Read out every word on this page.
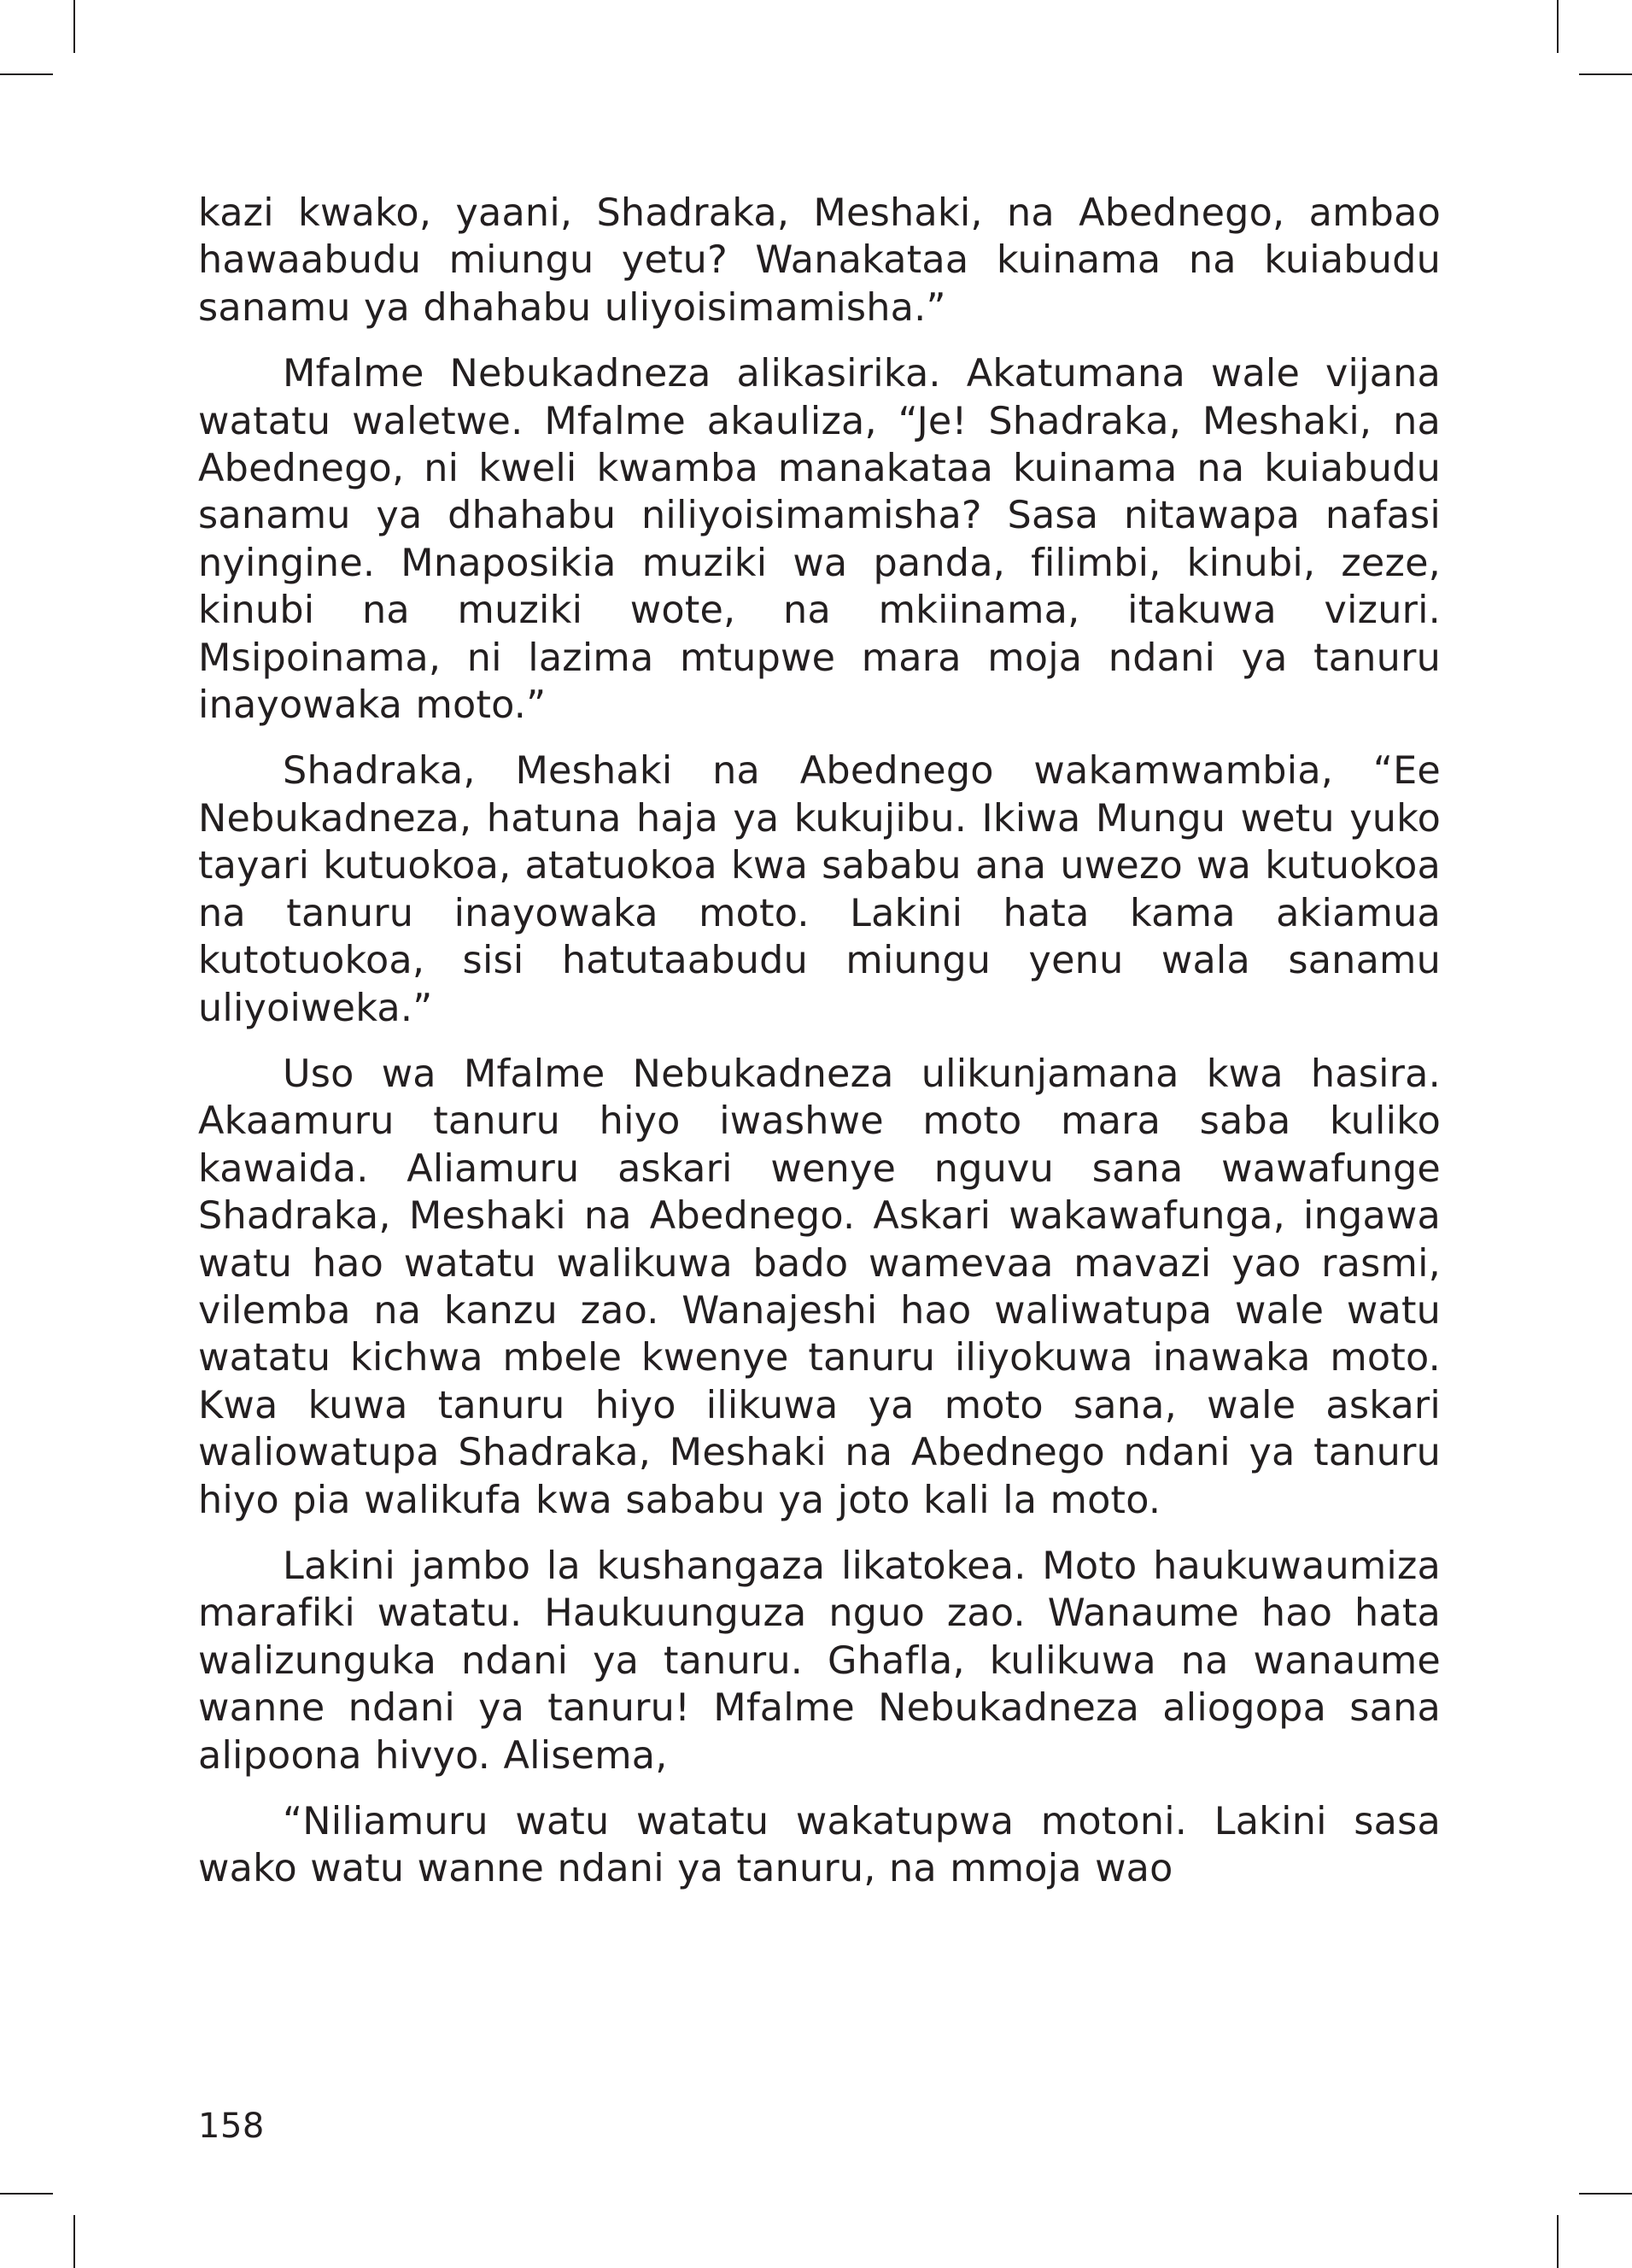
kazi kwako, yaani, Shadraka, Meshaki, na Abednego, ambao hawaabudu miungu yetu? Wanakataa kuinama na kuiabudu sanamu ya dhahabu uliyoisimamisha.”

Mfalme Nebukadneza alikasirika. Akatumana wale vijana watatu waletwe. Mfalme akauliza, “Je! Shadraka, Meshaki, na Abednego, ni kweli kwamba manakataa kuinama na kuiabudu sanamu ya dhahabu niliyoisimamisha? Sasa nitawapa nafasi nyingine. Mnaposikia muziki wa panda, filimbi, kinubi, zeze, kinubi na muziki wote, na mkiinama, itakuwa vizuri. Msipoinama, ni lazima mtupwe mara moja ndani ya tanuru inayowaka moto.”

Shadraka, Meshaki na Abednego wakamwambia, “Ee Nebukadneza, hatuna haja ya kukujibu. Ikiwa Mungu wetu yuko tayari kutuokoa, atatuokoa kwa sababu ana uwezo wa kutuokoa na tanuru inayowaka moto. Lakini hata kama akiamua kutotuokoa, sisi hatutaabudu miungu yenu wala sanamu uliyoiweka.”

Uso wa Mfalme Nebukadneza ulikunjamana kwa hasira. Akaamuru tanuru hiyo iwashwe moto mara saba kuliko kawaida. Aliamuru askari wenye nguvu sana wawafunge Shadraka, Meshaki na Abednego. Askari wakawafunga, ingawa watu hao watatu walikuwa bado wamevaa mavazi yao rasmi, vilemba na kanzu zao. Wanajeshi hao waliwatupa wale watu watatu kichwa mbele kwenye tanuru iliyokuwa inawaka moto. Kwa kuwa tanuru hiyo ilikuwa ya moto sana, wale askari waliowatupa Shadraka, Meshaki na Abednego ndani ya tanuru hiyo pia walikufa kwa sababu ya joto kali la moto.

Lakini jambo la kushangaza likatokea. Moto haukuwaumiza marafiki watatu. Haukuunguza nguo zao. Wanaume hao hata walizunguka ndani ya tanuru. Ghafla, kulikuwa na wanaume wanne ndani ya tanuru! Mfalme Nebukadneza aliogopa sana alipoona hivyo. Alisema,

“Niliamuru watu watatu wakatupwa motoni. Lakini sasa wako watu wanne ndani ya tanuru, na mmoja wao

158
